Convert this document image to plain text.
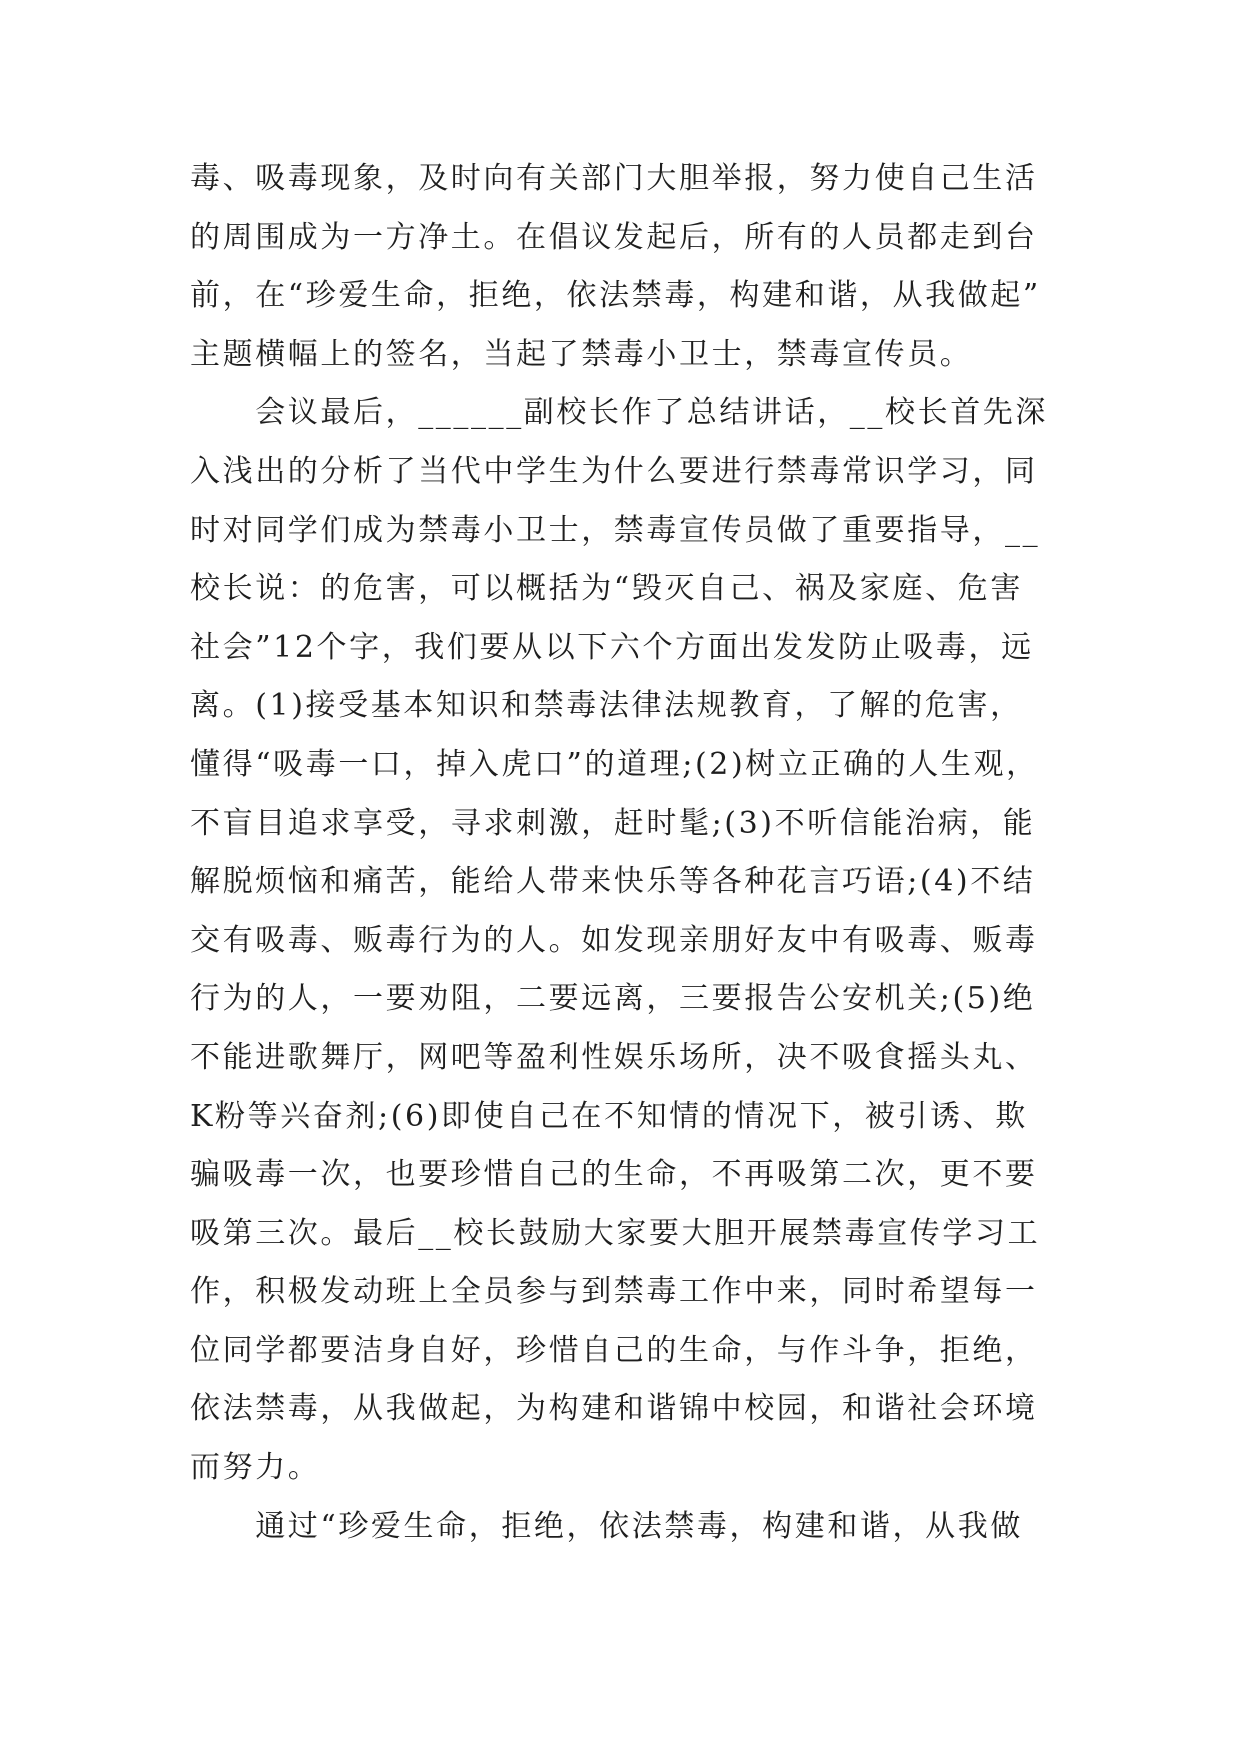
毒、吸毒现象，及时向有关部门大胆举报，努力使自己生活
的周围成为一方净土。在倡议发起后，所有的人员都走到台
前，在“珍爱生命，拒绝，依法禁毒，构建和谐，从我做起”
主题横幅上的签名，当起了禁毒小卫士，禁毒宣传员。
　　会议最后，______副校长作了总结讲话，__校长首先深
入浅出的分析了当代中学生为什么要进行禁毒常识学习，同
时对同学们成为禁毒小卫士，禁毒宣传员做了重要指导，__
校长说：的危害，可以概括为“毁灭自己、祸及家庭、危害
社会”12个字，我们要从以下六个方面出发发防止吸毒，远
离。(1)接受基本知识和禁毒法律法规教育，了解的危害，
懂得“吸毒一口，掉入虎口”的道理;(2)树立正确的人生观，
不盲目追求享受，寻求刺激，赶时髦;(3)不听信能治病，能
解脱烦恼和痛苦，能给人带来快乐等各种花言巧语;(4)不结
交有吸毒、贩毒行为的人。如发现亲朋好友中有吸毒、贩毒
行为的人，一要劝阻，二要远离，三要报告公安机关;(5)绝
不能进歌舞厅，网吧等盈利性娱乐场所，决不吸食摇头丸、
K粉等兴奋剂;(6)即使自己在不知情的情况下，被引诱、欺
骗吸毒一次，也要珍惜自己的生命，不再吸第二次，更不要
吸第三次。最后__校长鼓励大家要大胆开展禁毒宣传学习工
作，积极发动班上全员参与到禁毒工作中来，同时希望每一
位同学都要洁身自好，珍惜自己的生命，与作斗争，拒绝，
依法禁毒，从我做起，为构建和谐锦中校园，和谐社会环境
而努力。
　　通过“珍爱生命，拒绝，依法禁毒，构建和谐，从我做
